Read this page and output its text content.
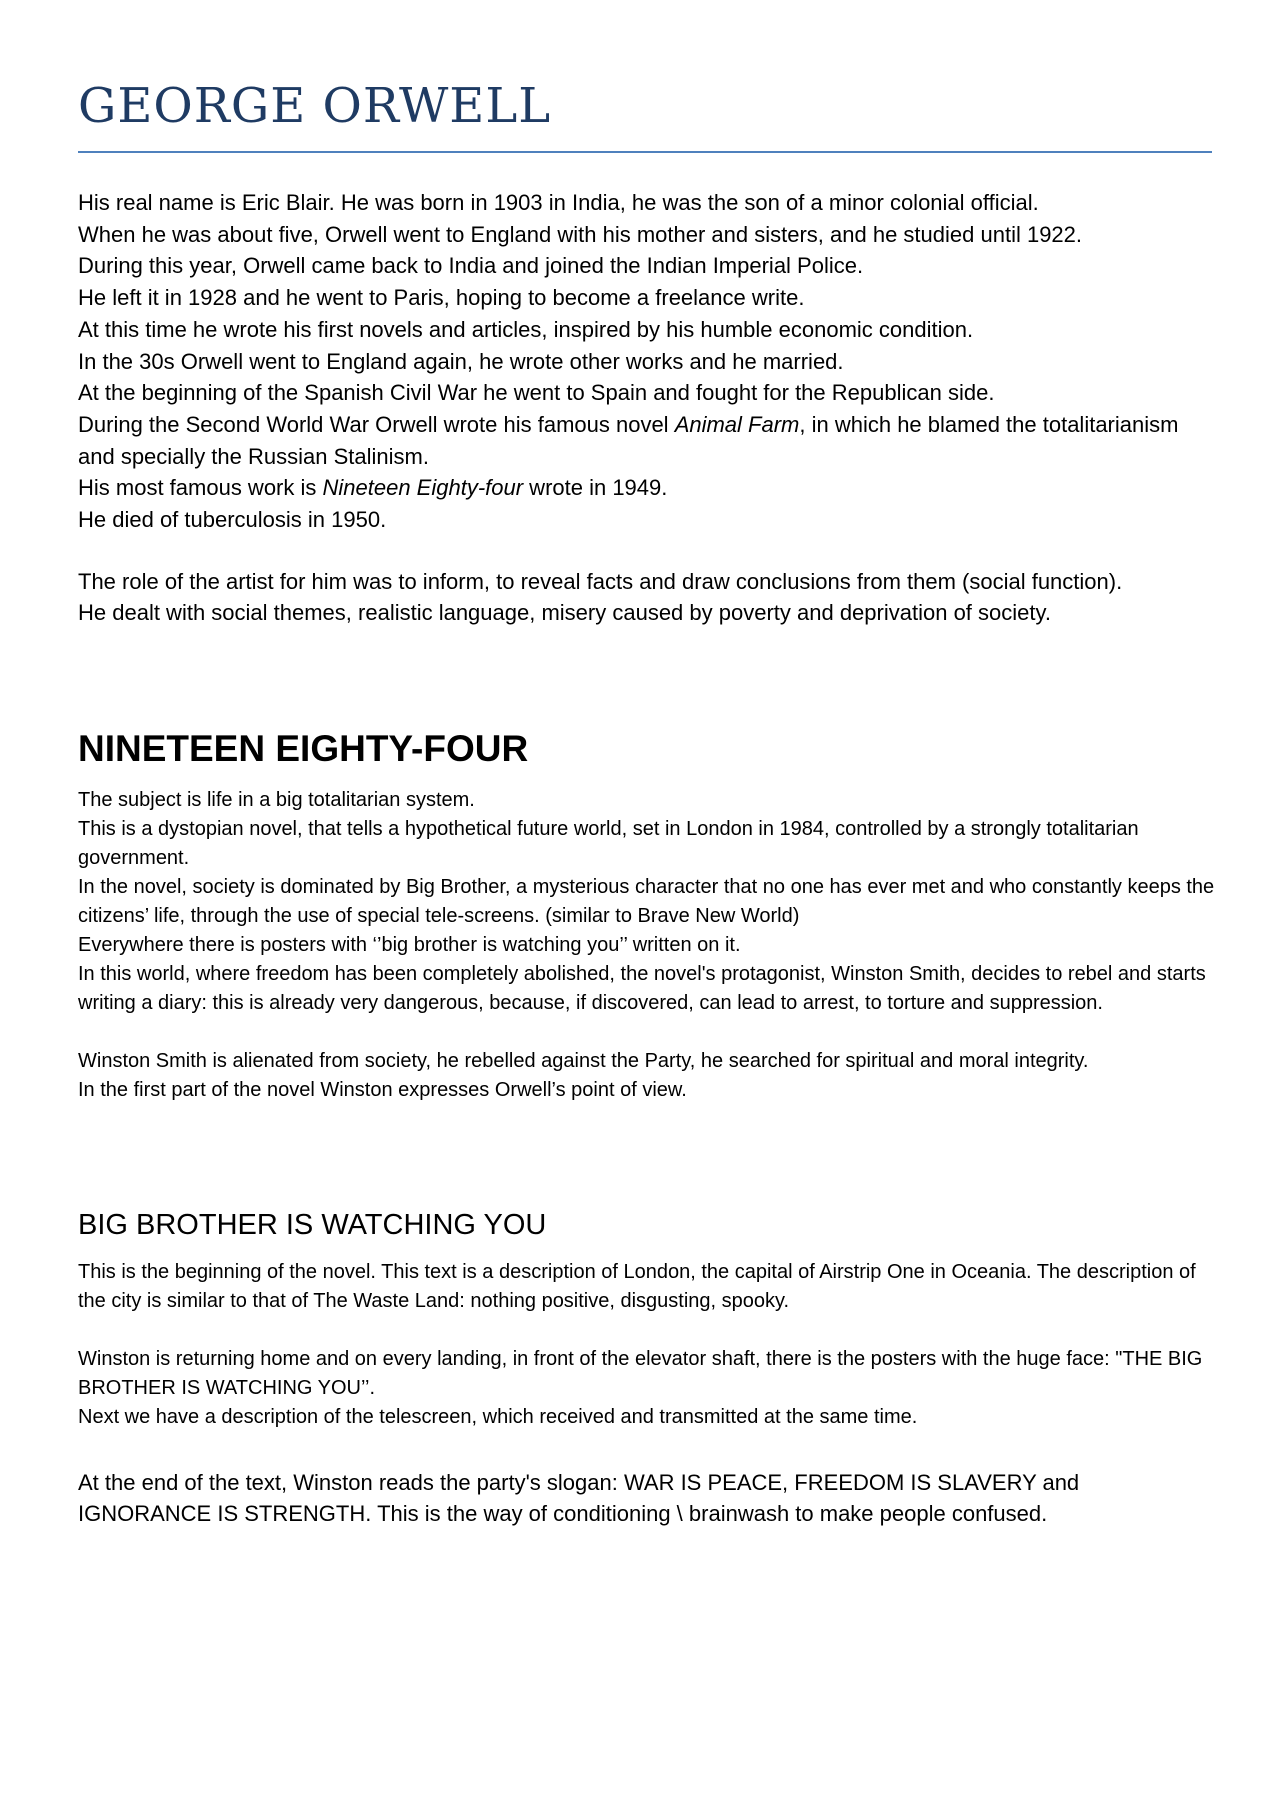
GEORGE ORWELL

His real name is Eric Blair. He was born in 1903 in India, he was the son of a minor colonial official.

When he was about five, Orwell went to England with his mother and sisters, and he studied until 1922.

During this year, Orwell came back to India and joined the Indian Imperial Police.

He left it in 1928 and he went to Paris, hoping to become a freelance write.

At this time he wrote his first novels and articles, inspired by his humble economic condition.

In the 30s Orwell went to England again, he wrote other works and he married.

At the beginning of the Spanish Civil War he went to Spain and fought for the Republican side.

During the Second World War Orwell wrote his famous novel Animal Farm, in which he blamed the totalitarianism and specially the Russian Stalinism.

His most famous work is Nineteen Eighty-four wrote in 1949.

He died of tuberculosis in 1950.

The role of the artist for him was to inform, to reveal facts and draw conclusions from them (social function).

He dealt with social themes, realistic language, misery caused by poverty and deprivation of society.

NINETEEN EIGHTY-FOUR

The subject is life in a big totalitarian system.

This is a dystopian novel, that tells a hypothetical future world, set in London in 1984, controlled by a strongly totalitarian government.

In the novel, society is dominated by Big Brother, a mysterious character that no one has ever met and who constantly keeps the citizens’ life, through the use of special tele-screens. (similar to Brave New World)

Everywhere there is posters with ‘’big brother is watching you’’ written on it.

In this world, where freedom has been completely abolished, the novel's protagonist, Winston Smith, decides to rebel and starts writing a diary: this is already very dangerous, because, if discovered, can lead to arrest, to torture and suppression.

Winston Smith is alienated from society, he rebelled against the Party, he searched for spiritual and moral integrity.

In the first part of the novel Winston expresses Orwell’s point of view.

BIG BROTHER IS WATCHING YOU

This is the beginning of the novel. This text is a description of London, the capital of Airstrip One in Oceania. The description of the city is similar to that of The Waste Land: nothing positive, disgusting, spooky.

Winston is returning home and on every landing, in front of the elevator shaft, there is the posters with the huge face: "THE BIG BROTHER IS WATCHING YOU’’.

Next we have a description of the telescreen, which received and transmitted at the same time.

At the end of the text, Winston reads the party's slogan: WAR IS PEACE, FREEDOM IS SLAVERY and IGNORANCE IS STRENGTH. This is the way of conditioning \ brainwash to make people confused.
